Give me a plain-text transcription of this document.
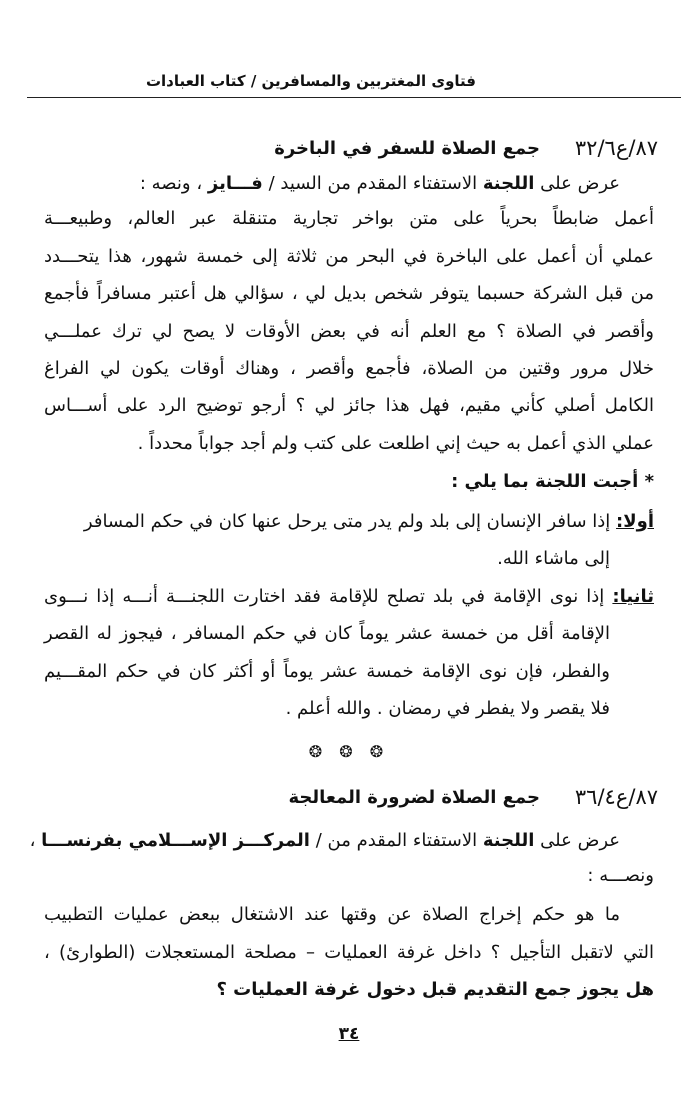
فتاوى المغتربين والمسافرين / كتاب العبادات
٨٧/ع٣٢/٦
جمع الصلاة للسفر في الباخرة
عرض على اللجنة الاستفتاء المقدم من السيد / فـــايز ، ونصه :
أعمل ضابطاً بحرياً على متن بواخر تجارية متنقلة عبر العالم، وطبيعـــة
عملي أن أعمل على الباخرة في البحر من ثلاثة إلى خمسة شهور، هذا يتحـــدد
من قبل الشركة حسبما يتوفر شخص بديل لي ، سؤالي هل أعتبر مسافراً فأجمع
وأقصر في الصلاة ؟ مع العلم أنه في بعض الأوقات لا يصح لي ترك عملـــي
خلال مرور وقتين من الصلاة، فأجمع وأقصر ، وهناك أوقات يكون لي الفراغ
الكامل أصلي كأني مقيم، فهل هذا جائز لي ؟ أرجو توضيح الرد على أســـاس
عملي الذي أعمل به حيث إني اطلعت على كتب ولم أجد جواباً محدداً .
* أجبت اللجنة بما يلي :
أولا: إذا سافر الإنسان إلى بلد ولم يدر متى يرحل عنها كان في حكم المسافر
إلى ماشاء الله.
ثانيا: إذا نوى الإقامة في بلد تصلح للإقامة فقد اختارت اللجنـــة أنـــه إذا نـــوى
الإقامة أقل من خمسة عشر يوماً كان في حكم المسافر ، فيجوز له القصر
والفطر، فإن نوى الإقامة خمسة عشر يوماً أو أكثر كان في حكم المقـــيم
فلا يقصر ولا يفطر في رمضان . والله أعلم .
❂ ❂ ❂
٨٧/ع٣٦/٤
جمع الصلاة لضرورة المعالجة
عرض على اللجنة الاستفتاء المقدم من / المركـــز الإســـلامي بفرنســـا ،
ونصـــه :
ما هو حكم إخراج الصلاة عن وقتها عند الاشتغال ببعض عمليات التطبيب
التي لاتقبل التأجيل ؟ داخل غرفة العمليات – مصلحة المستعجلات (الطوارئ) ،
هل يجوز جمع التقديم قبل دخول غرفة العمليات ؟
٣٤
